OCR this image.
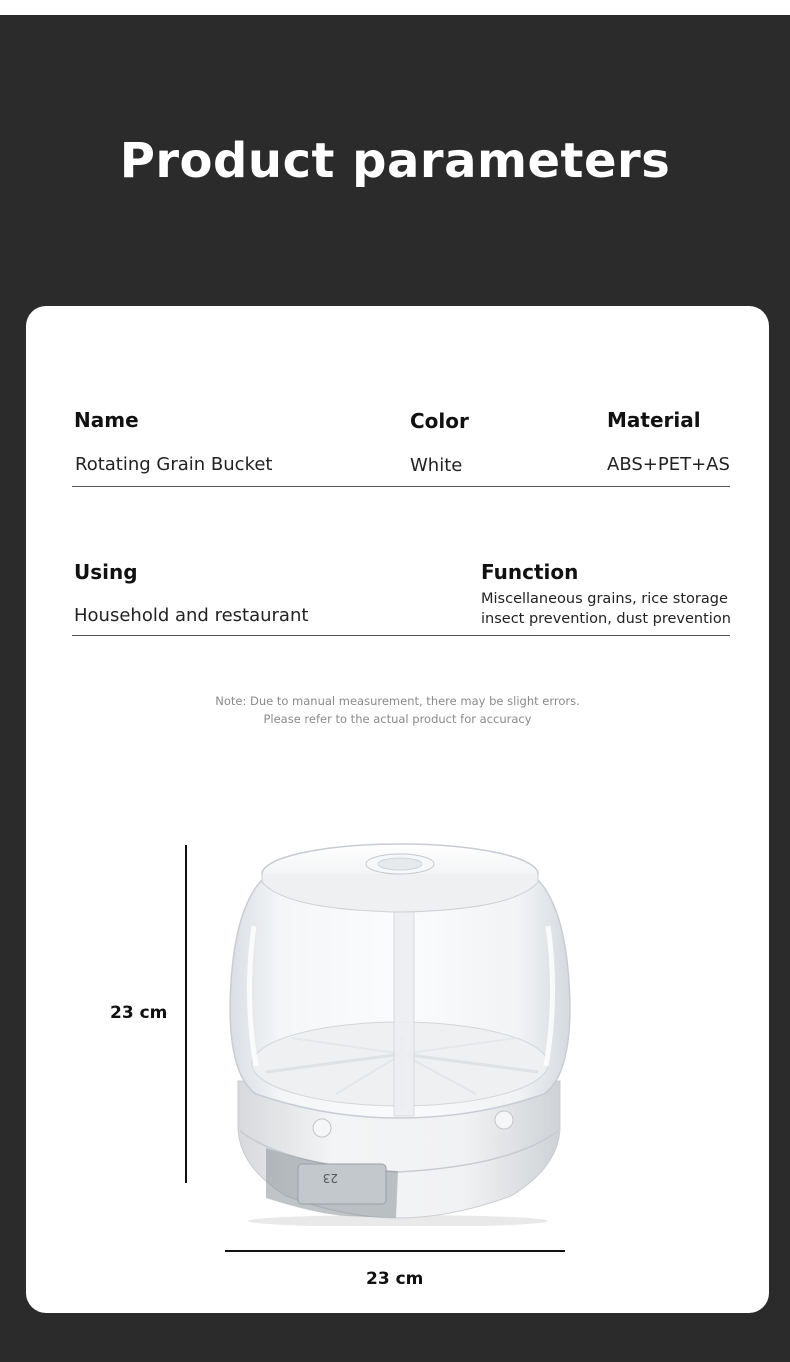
Product parameters
Name
Rotating Grain Bucket
Color
White
Material
ABS+PET+AS
Using
Household and restaurant
Function
Miscellaneous grains, rice storage
insect prevention, dust prevention
Note: Due to manual measurement, there may be slight errors.
Please refer to the actual product for accuracy
23 cm
23 cm
23
